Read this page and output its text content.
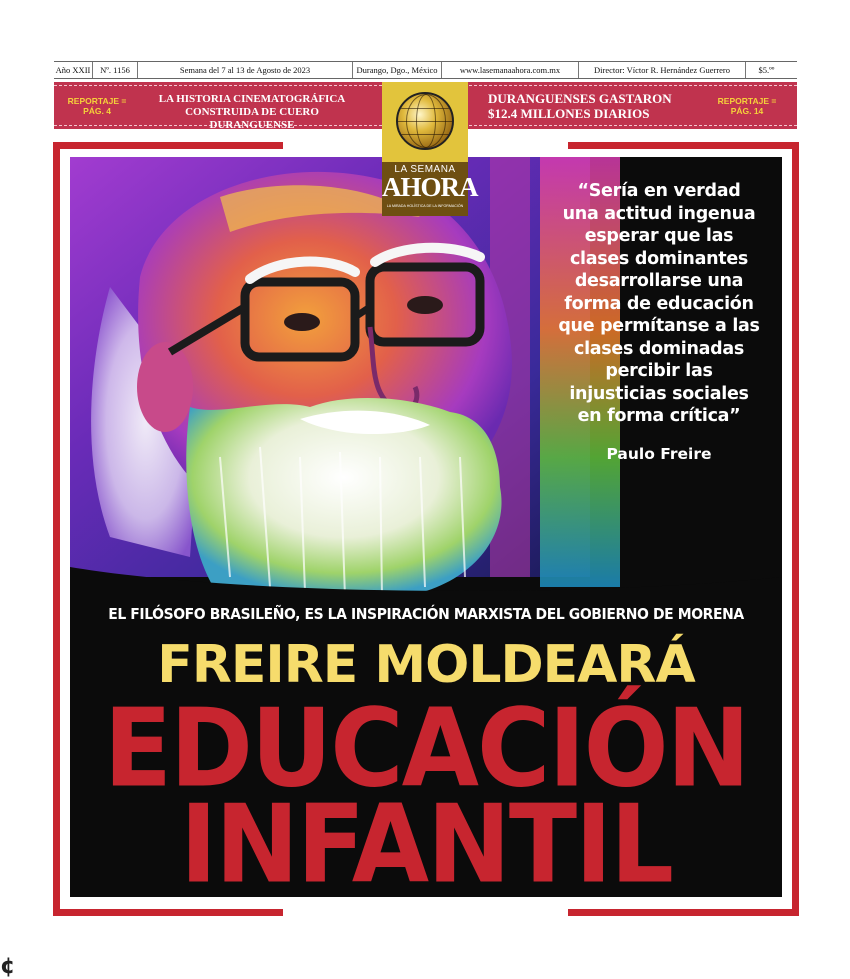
Año XXII	Nº. 1156	Semana del 7 al 13 de Agosto de 2023	Durango, Dgo., México	www.lasemanaahora.com.mx	Director: Víctor R. Hernández Guerrero	$5.ºº
REPORTAJE =
PÁG. 4
LA HISTORIA CINEMATOGRÁFICA
CONSTRUIDA DE CUERO DURANGUENSE
DURANGUENSES GASTARON
$12.4 MILLONES DIARIOS
REPORTAJE =
PÁG. 14
LA SEMANA
AHORA
LA MIRADA HOLÍSTICA DE LA INFORMACIÓN
“Sería en verdad
una actitud ingenua
esperar que las
clases dominantes
desarrollarse una
forma de educación
que permítanse a las
clases dominadas
percibir las
injusticias sociales
en forma crítica”
Paulo Freire
EL FILÓSOFO BRASILEÑO, ES LA INSPIRACIÓN MARXISTA DEL GOBIERNO DE MORENA
FREIRE MOLDEARÁ
EDUCACIÓN
INFANTIL
¢
